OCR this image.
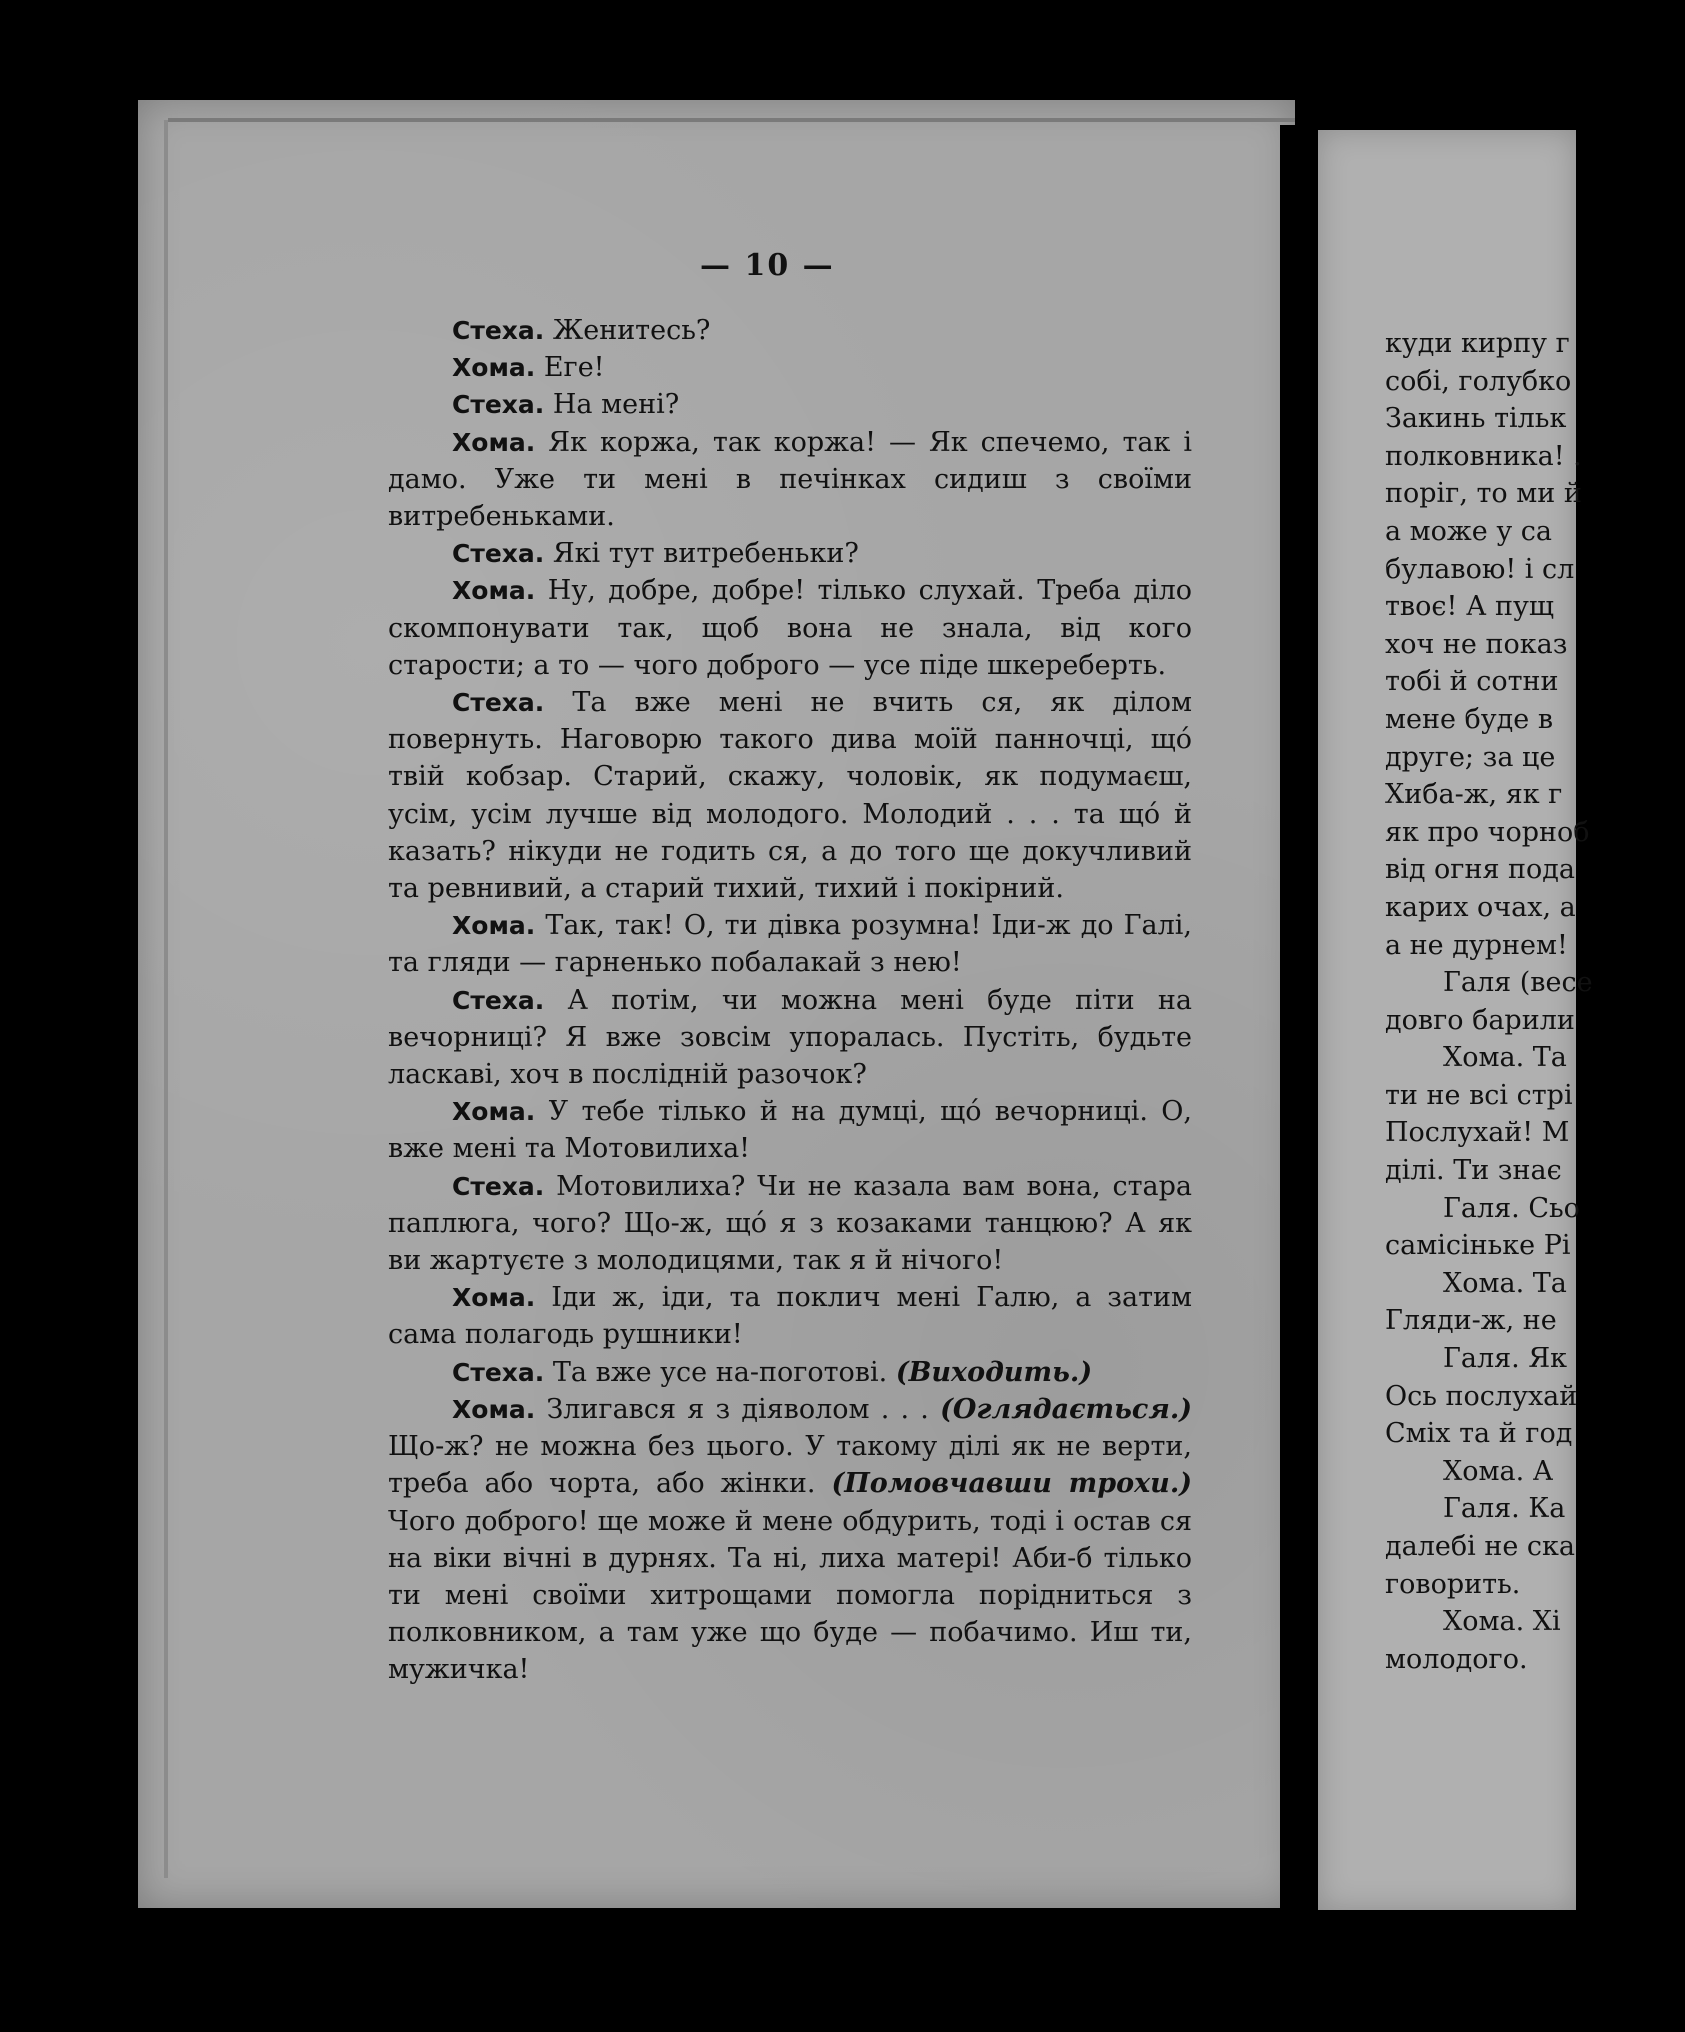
— 10 —

Стеха. Женитесь?

Хома. Еге!

Стеха. На мені?

Хома. Як коржа, так коржа! — Як спечемо, так і дамо. Уже ти мені в печінках сидиш з своїми витребеньками.

Стеха. Які тут витребеньки?

Хома. Ну, добре, добре! тілько слухай. Треба діло скомпонувати так, щоб вона не знала, від кого старости; а то — чого доброго — усе піде шкереберть.

Стеха. Та вже мені не вчить ся, як ділом повернуть. Наговорю такого дива моїй панночці, щó твій кобзар. Старий, скажу, чоловік, як подумаєш, усім, усім лучше від молодого. Молодий . . . та щó й казать? нікуди не годить ся, а до того ще докучливий та ревнивий, а старий тихий, тихий і покірний.

Хома. Так, так! О, ти дівка розумна! Іди-ж до Галі, та гляди — гарненько побалакай з нею!

Стеха. А потім, чи можна мені буде піти на вечорниці? Я вже зовсім упоралась. Пустіть, будьте ласкаві, хоч в послідній разочок?

Хома. У тебе тілько й на думці, щó вечорниці. О, вже мені та Мотовилиха!

Стеха. Мотовилиха? Чи не казала вам вона, стара паплюга, чого? Що-ж, щó я з козаками танцюю? А як ви жартуєте з молодицями, так я й нічого!

Хома. Іди ж, іди, та поклич мені Галю, а затим сама полагодь рушники!

Стеха. Та вже усе на-поготові. (Виходить.)

Хома. Злигався я з діяволом . . . (Оглядається.) Що-ж? не можна без цього. У такому ділі як не верти, треба або чорта, або жінки. (Помовчавши трохи.) Чого доброго! ще може й мене обдурить, тоді і остав ся на віки вічні в дурнях. Та ні, лиха матері! Аби-б тілько ти мені своїми хитрощами помогла порідниться з полковником, а там уже що буде — побачимо. Иш ти, мужичка!

куди кирпу г
собі, голубко
Закинь тільк
полковника! .
поріг, то ми й
а може у са
булавою! і сл
твоє! А пущ
хоч не показ
тобі й сотни
мене буде в
друге; за це
Хиба-ж, як г
як про чорноб
від огня пода
карих очах, а
а не дурнем!
Галя (весе
довго барили
Хома. Та
ти не всі стрі
Послухай! М
ділі. Ти знає
Галя. Сьо
самісіньке Рі
Хома. Та
Гляди-ж, не
Галя. Як
Ось послухай
Сміх та й год
Хома. А
Галя. Ка
далебі не ска
говорить.
Хома. Хі
молодого.
